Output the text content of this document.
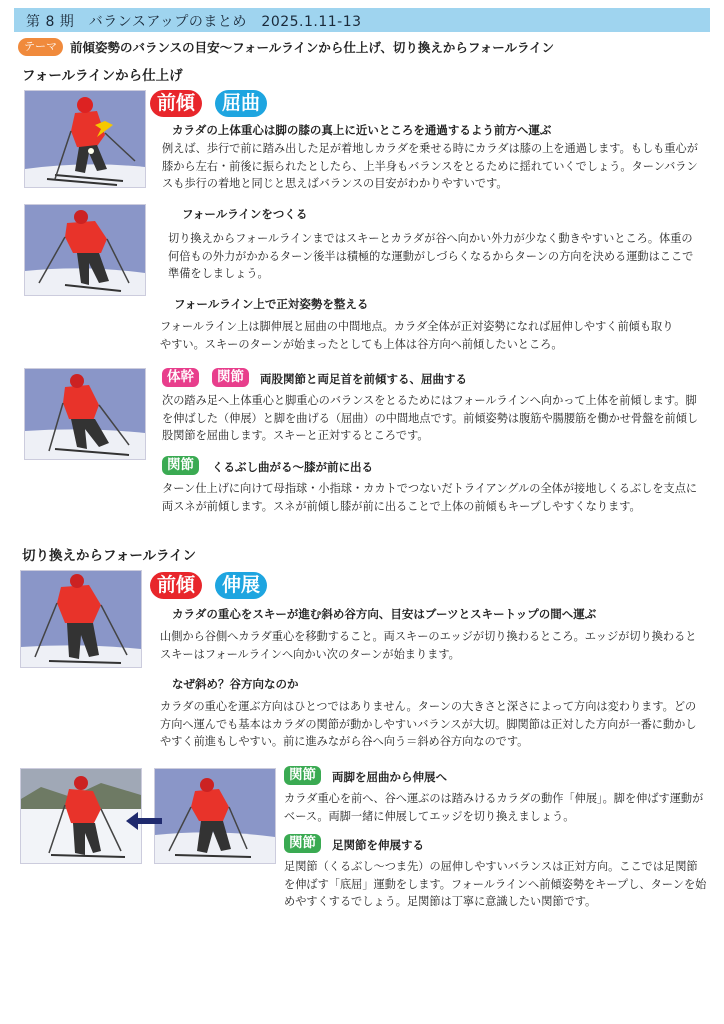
第 8 期　バランスアップのまとめ　2025.1.11-13
テーマ	前傾姿勢のバランスの目安〜フォールラインから仕上げ、切り換えからフォールライン
フォールラインから仕上げ
前傾	屈曲
カラダの上体重心は脚の膝の真上に近いところを通過するよう前方へ運ぶ
例えば、歩行で前に踏み出した足が着地しカラダを乗せる時にカラダは膝の上を通過します。もしも重心が膝から左右・前後に振られたとしたら、上半身もバランスをとるために揺れていくでしょう。ターンバランスも歩行の着地と同じと思えばバランスの目安がわかりやすいです。
フォールラインをつくる
切り換えからフォールラインまではスキーとカラダが谷へ向かい外力が少なく動きやすいところ。体重の何倍もの外力がかかるターン後半は積極的な運動がしづらくなるからターンの方向を決める運動はここで準備をしましょう。
フォールライン上で正対姿勢を整える
フォールライン上は脚伸展と屈曲の中間地点。カラダ全体が正対姿勢になれば屈伸しやすく前傾も取りやすい。スキーのターンが始まったとしても上体は谷方向へ前傾したいところ。
体幹	関節	両股関節と両足首を前傾する、屈曲する
次の踏み足へ上体重心と脚重心のバランスをとるためにはフォールラインへ向かって上体を前傾します。脚を伸ばした（伸展）と脚を曲げる（屈曲）の中間地点です。前傾姿勢は腹筋や腸腰筋を働かせ骨盤を前傾し股関節を屈曲します。スキーと正対するところです。
関節	くるぶし曲がる〜膝が前に出る
ターン仕上げに向けて母指球・小指球・カカトでつないだトライアングルの全体が接地しくるぶしを支点に両スネが前傾します。スネが前傾し膝が前に出ることで上体の前傾もキープしやすくなります。
切り換えからフォールライン
前傾	伸展
カラダの重心をスキーが進む斜め谷方向、目安はブーツとスキートップの間へ運ぶ
山側から谷側へカラダ重心を移動すること。両スキーのエッジが切り換わるところ。エッジが切り換わるとスキーはフォールラインへ向かい次のターンが始まります。
なぜ斜め？谷方向なのか
カラダの重心を運ぶ方向はひとつではありません。ターンの大きさと深さによって方向は変わります。どの方向へ運んでも基本はカラダの関節が動かしやすいバランスが大切。脚関節は正対した方向が一番に動かしやすく前進もしやすい。前に進みながら谷へ向う＝斜め谷方向なのです。
関節	両脚を屈曲から伸展へ
カラダ重心を前へ、谷へ運ぶのは踏みけるカラダの動作「伸展」。脚を伸ばす運動がベース。両脚一緒に伸展してエッジを切り換えましょう。
関節	足関節を伸展する
足関節（くるぶし〜つま先）の屈伸しやすいバランスは正対方向。ここでは足関節を伸ばす「底屈」運動をします。フォールラインへ前傾姿勢をキープし、ターンを始めやすくするでしょう。足関節は丁寧に意識したい関節です。
